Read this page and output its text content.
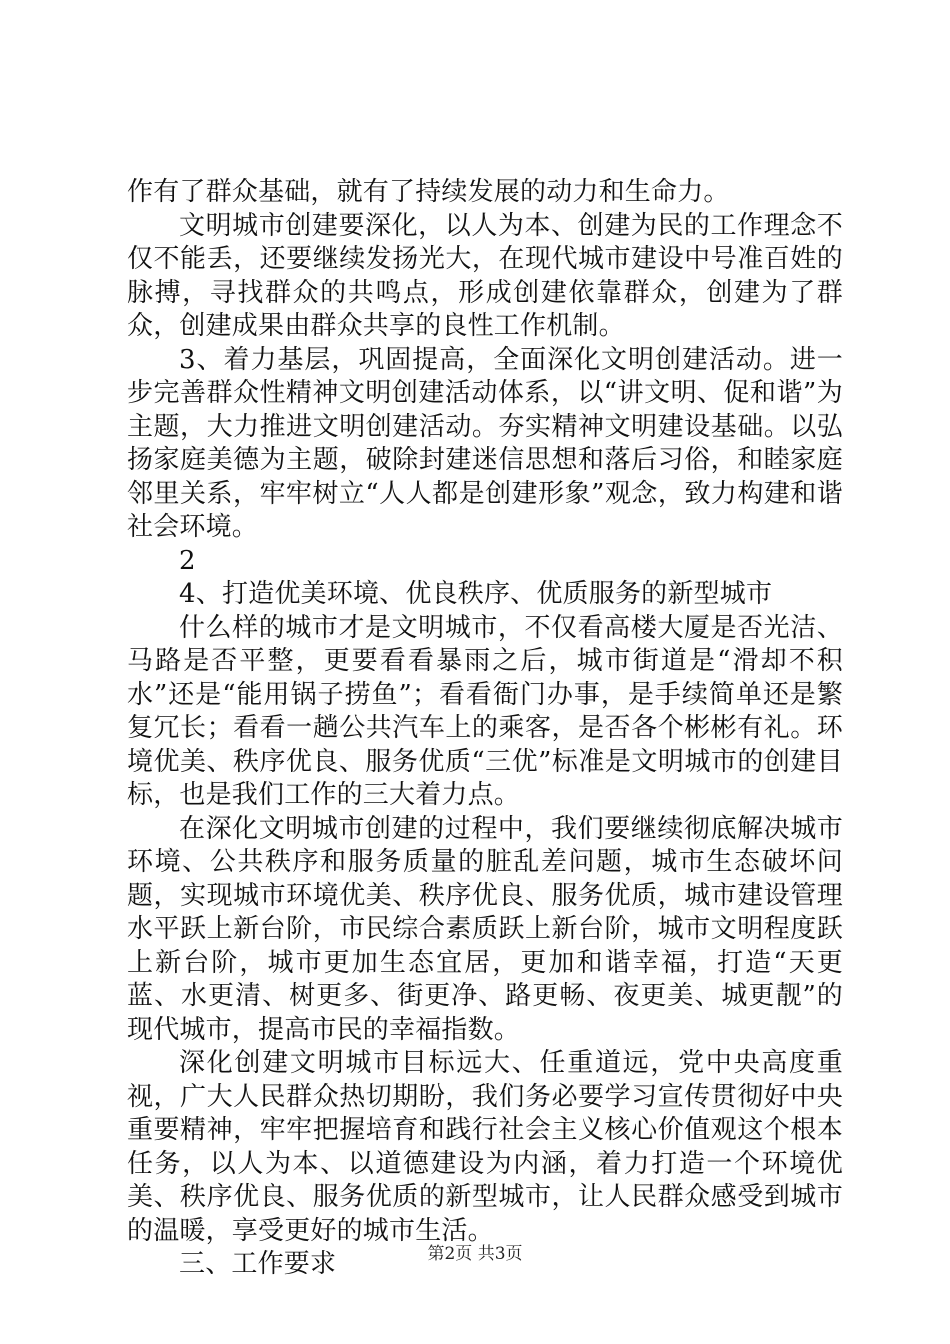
作有了群众基础，就有了持续发展的动力和生命力。

文明城市创建要深化，以人为本、创建为民的工作理念不仅不能丢，还要继续发扬光大，在现代城市建设中号准百姓的脉搏，寻找群众的共鸣点，形成创建依靠群众，创建为了群众，创建成果由群众共享的良性工作机制。

3、着力基层，巩固提高，全面深化文明创建活动。进一步完善群众性精神文明创建活动体系，以“讲文明、促和谐”为主题，大力推进文明创建活动。夯实精神文明建设基础。以弘扬家庭美德为主题，破除封建迷信思想和落后习俗，和睦家庭邻里关系，牢牢树立“人人都是创建形象”观念，致力构建和谐社会环境。

2

4、打造优美环境、优良秩序、优质服务的新型城市

什么样的城市才是文明城市，不仅看高楼大厦是否光洁、马路是否平整，更要看看暴雨之后，城市街道是“滑却不积水”还是“能用锅子捞鱼”；看看衙门办事，是手续简单还是繁复冗长；看看一趟公共汽车上的乘客，是否各个彬彬有礼。环境优美、秩序优良、服务优质“三优”标准是文明城市的创建目标，也是我们工作的三大着力点。

在深化文明城市创建的过程中，我们要继续彻底解决城市环境、公共秩序和服务质量的脏乱差问题，城市生态破坏问题，实现城市环境优美、秩序优良、服务优质，城市建设管理水平跃上新台阶，市民综合素质跃上新台阶，城市文明程度跃上新台阶，城市更加生态宜居，更加和谐幸福，打造“天更蓝、水更清、树更多、街更净、路更畅、夜更美、城更靓”的现代城市，提高市民的幸福指数。

深化创建文明城市目标远大、任重道远，党中央高度重视，广大人民群众热切期盼，我们务必要学习宣传贯彻好中央重要精神，牢牢把握培育和践行社会主义核心价值观这个根本任务，以人为本、以道德建设为内涵，着力打造一个环境优美、秩序优良、服务优质的新型城市，让人民群众感受到城市的温暖，享受更好的城市生活。

三、工作要求	第2页 共3页
